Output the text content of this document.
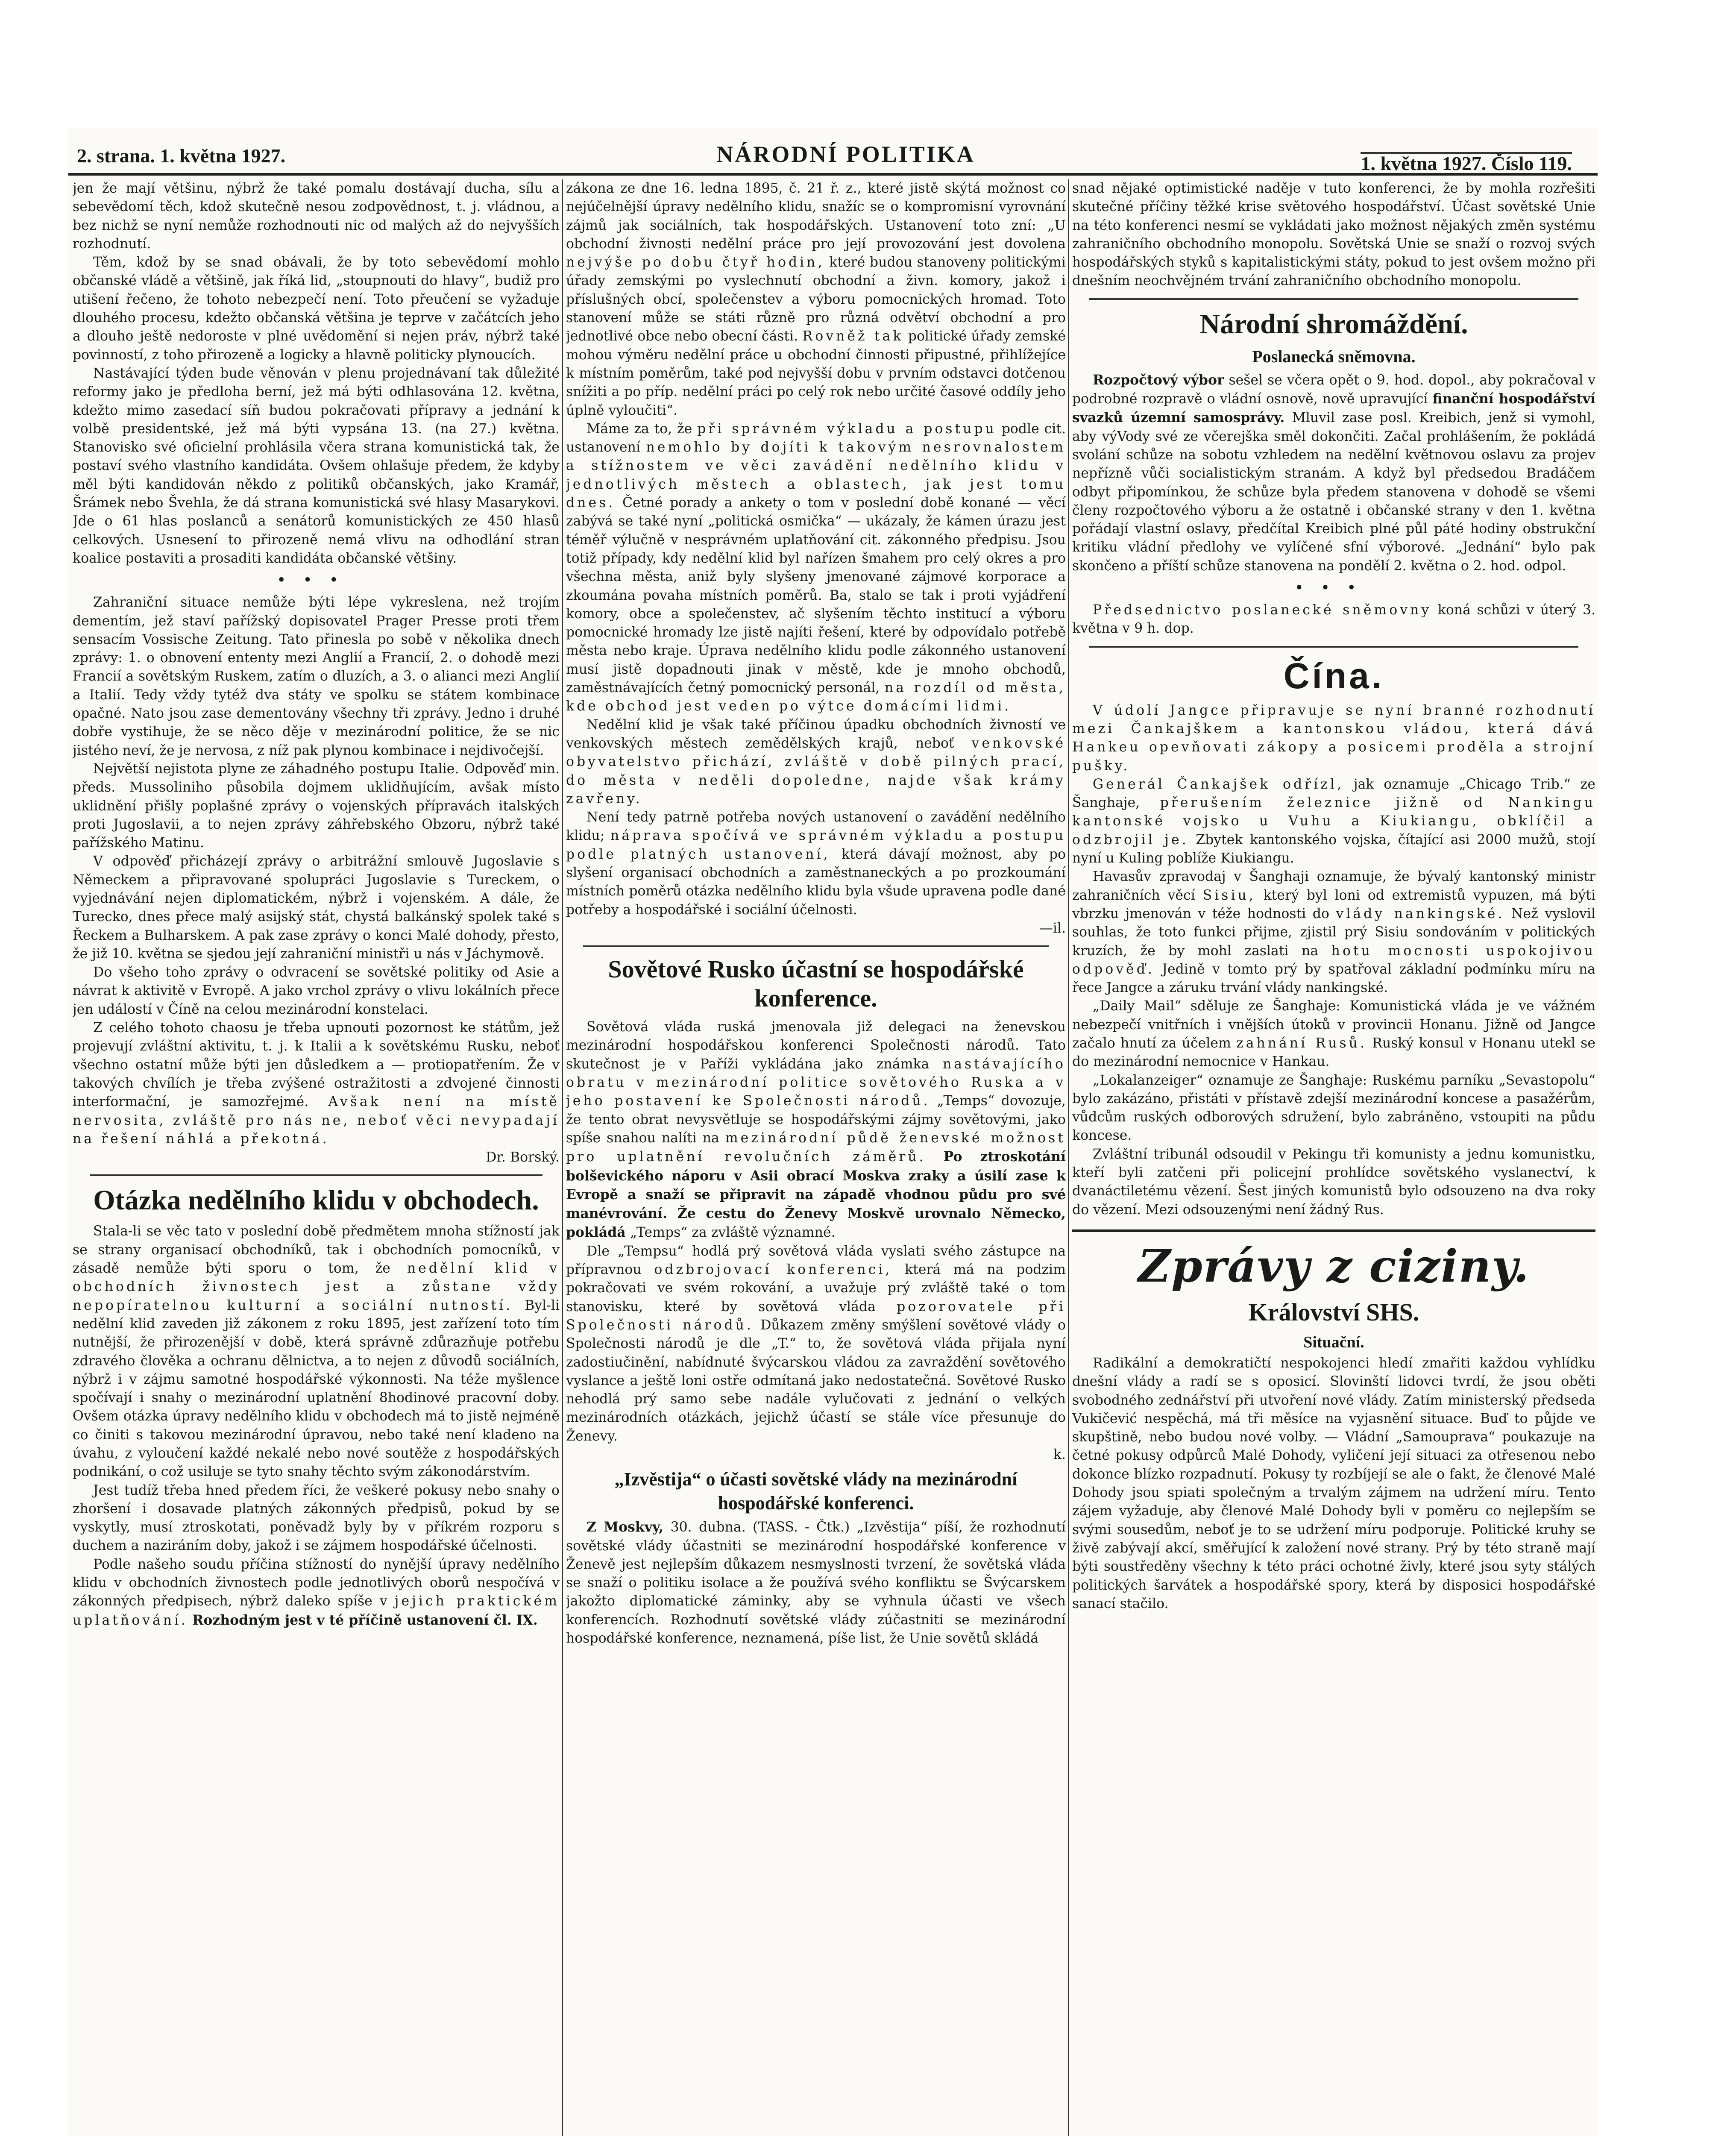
2. strana. 1. května 1927.	NÁRODNÍ POLITIKA	1. května 1927. Číslo 119.

jen že mají většinu, nýbrž že také pomalu dostávají ducha, sílu a sebevědomí těch, kdož skutečně nesou zodpovědnost, t. j. vládnou, a bez nichž se nyní nemůže rozhodnouti nic od malých až do nejvyšších rozhodnutí.

Těm, kdož by se snad obávali, že by toto sebevědomí mohlo občanské vládě a většině, jak říká lid, „stoupnouti do hlavy“, budiž pro utišení řečeno, že tohoto nebezpečí není. Toto přeučení se vyžaduje dlouhého procesu, kdežto občanská většina je teprve v začátcích jeho a dlouho ještě nedoroste v plné uvědomění si nejen práv, nýbrž také povinností, z toho přirozeně a logicky a hlavně politicky plynoucích.

Nastávající týden bude věnován v plenu projednávaní tak důležité reformy jako je předloha berní, jež má býti odhlasována 12. května, kdežto mimo zasedací síň budou pokračovati přípravy a jednání k volbě presidentské, jež má býti vypsána 13. (na 27.) května. Stanovisko své oficielní prohlásila včera strana komunistická tak, že postaví svého vlastního kandidáta. Ovšem ohlašuje předem, že kdyby měl býti kandidován někdo z politiků občanských, jako Kramář, Šrámek nebo Švehla, že dá strana komunistická své hlasy Masarykovi. Jde o 61 hlas poslanců a senátorů komunistických ze 450 hlasů celkových. Usnesení to přirozeně nemá vlivu na odhodlání stran koalice postaviti a prosaditi kandidáta občanské většiny.

•••

Zahraniční situace nemůže býti lépe vykreslena, než trojím dementím, jež staví pařížský dopisovatel Prager Presse proti třem sensacím Vossische Zeitung. Tato přinesla po sobě v několika dnech zprávy: 1. o obnovení ententy mezi Anglií a Francií, 2. o dohodě mezi Francií a sovětským Ruskem, zatím o dluzích, a 3. o alianci mezi Anglií a Italií. Tedy vždy tytéž dva státy ve spolku se státem kombinace opačné. Nato jsou zase dementovány všechny tři zprávy. Jedno i druhé dobře vystihuje, že se něco děje v mezinárodní politice, že se nic jistého neví, že je nervosa, z níž pak plynou kombinace i nejdivočejší.

Největší nejistota plyne ze záhadného postupu Italie. Odpověď min. předs. Mussoliniho působila dojmem uklidňujícím, avšak místo uklidnění přišly poplašné zprávy o vojenských přípravách italských proti Jugoslavii, a to nejen zprávy záhřebského Obzoru, nýbrž také pařížského Matinu.

V odpověď přicházejí zprávy o arbitrážní smlouvě Jugoslavie s Německem a připravované spolupráci Jugoslavie s Tureckem, o vyjednávání nejen diplomatickém, nýbrž i vojenském. A dále, že Turecko, dnes přece malý asijský stát, chystá balkánský spolek také s Řeckem a Bulharskem. A pak zase zprávy o konci Malé dohody, přesto, že již 10. května se sjedou její zahraniční ministři u nás v Jáchymově.

Do všeho toho zprávy o odvracení se sovětské politiky od Asie a návrat k aktivitě v Evropě. A jako vrchol zprávy o vlivu lokálních přece jen událostí v Číně na celou mezinárodní konstelaci.

Z celého tohoto chaosu je třeba upnouti pozornost ke státům, jež projevují zvláštní aktivitu, t. j. k Italii a k sovětskému Rusku, neboť všechno ostatní může býti jen důsledkem a — protiopatřením. Že v takových chvílích je třeba zvýšené ostražitosti a zdvojené činnosti interformační, je samozřejmé. Avšak není na místě nervosita, zvláště pro nás ne, neboť věci nevypadají na řešení náhlá a překotná.

Dr. Borský.
Otázka nedělního klidu v obchodech.

Stala-li se věc tato v poslední době předmětem mnoha stížností jak se strany organisací obchodníků, tak i obchodních pomocníků, v zásadě nemůže býti sporu o tom, že nedělní klid v obchodních živnostech jest a zůstane vždy nepopíratelnou kulturní a sociální nutností. Byl-li nedělní klid zaveden již zákonem z roku 1895, jest zařízení toto tím nutnější, že přirozenější v době, která správně zdůrazňuje potřebu zdravého člověka a ochranu dělnictva, a to nejen z důvodů sociálních, nýbrž i v zájmu samotné hospodářské výkonnosti. Na téže myšlence spočívají i snahy o mezinárodní uplatnění 8hodinové pracovní doby. Ovšem otázka úpravy nedělního klidu v obchodech má to jistě nejméně co činiti s takovou mezinárodní úpravou, nebo také není kladeno na úvahu, z vyloučení každé nekalé nebo nové soutěže z hospodářských podnikání, o což usiluje se tyto snahy těchto svým zákonodárstvím.

Jest tudíž třeba hned předem říci, že veškeré pokusy nebo snahy o zhoršení i dosavade platných zákonných předpisů, pokud by se vyskytly, musí ztroskotati, poněvadž byly by v příkrém rozporu s duchem a naziráním doby, jakož i se zájmem hospodářské účelnosti.

Podle našeho soudu příčina stížností do nynější úpravy nedělního klidu v obchodních živnostech podle jednotlivých oborů nespočívá v zákonných předpisech, nýbrž daleko spíše v jejich praktickém uplatňování. Rozhodným jest v té příčině ustanovení čl. IX.

zákona ze dne 16. ledna 1895, č. 21 ř. z., které jistě skýtá možnost co nejúčelnější úpravy nedělního klidu, snažíc se o kompromisní vyrovnání zájmů jak sociálních, tak hospodářských. Ustanovení toto zní: „U obchodní živnosti nedělní práce pro její provozování jest dovolena nejvýše po dobu čtyř hodin, které budou stanoveny politickými úřady zemskými po vyslechnutí obchodní a živn. komory, jakož i příslušných obcí, společenstev a výboru pomocnických hromad. Toto stanovení může se státi různě pro různá odvětví obchodní a pro jednotlivé obce nebo obecní části. Rovněž tak politické úřady zemské mohou výměru nedělní práce u obchodní činnosti připustné, přihlížejíce k místním poměrům, také pod nejvyšší dobu v prvním odstavci dotčenou snížiti a po příp. nedělní práci po celý rok nebo určité časové oddíly jeho úplně vyloučiti“.

Máme za to, že při správném výkladu a postupu podle cit. ustanovení nemohlo by dojíti k takovým nesrovnalostem a stížnostem ve věci zavádění nedělního klidu v jednotlivých městech a oblastech, jak jest tomu dnes. Četné porady a ankety o tom v poslední době konané — věcí zabývá se také nyní „politická osmička“ — ukázaly, že kámen úrazu jest téměř výlučně v nesprávném uplatňování cit. zákonného předpisu. Jsou totiž případy, kdy nedělní klid byl nařízen šmahem pro celý okres a pro všechna města, aniž byly slyšeny jmenované zájmové korporace a zkoumána povaha místních poměrů. Ba, stalo se tak i proti vyjádření komory, obce a společenstev, ač slyšením těchto institucí a výboru pomocnické hromady lze jistě najíti řešení, které by odpovídalo potřebě města nebo kraje. Úprava nedělního klidu podle zákonného ustanovení musí jistě dopadnouti jinak v městě, kde je mnoho obchodů, zaměstnávajících četný pomocnický personál, na rozdíl od města, kde obchod jest veden po výtce domácími lidmi.

Nedělní klid je však také příčinou úpadku obchodních živností ve venkovských městech zemědělských krajů, neboť venkovské obyvatelstvo přichází, zvláště v době pilných prací, do města v neděli dopoledne, najde však krámy zavřeny.

Není tedy patrně potřeba nových ustanovení o zavádění nedělního klidu; náprava spočívá ve správném výkladu a postupu podle platných ustanovení, která dávají možnost, aby po slyšení organisací obchodních a zaměstnaneckých a po prozkoumání místních poměrů otázka nedělního klidu byla všude upravena podle dané potřeby a hospodářské i sociální účelnosti.

—il.
Sovětové Rusko účastní se hospodářské konference.

Sovětová vláda ruská jmenovala již delegaci na ženevskou mezinárodní hospodářskou konferenci Společnosti národů. Tato skutečnost je v Paříži vykládána jako známka nastávajícího obratu v mezinárodní politice sovětového Ruska a v jeho postavení ke Společnosti národů. „Temps“ dovozuje, že tento obrat nevysvětluje se hospodářskými zájmy sovětovými, jako spíše snahou nalíti na mezinárodní půdě ženevské možnost pro uplatnění revolučních záměrů. Po ztroskotání bolševického náporu v Asii obrací Moskva zraky a úsilí zase k Evropě a snaží se připravit na západě vhodnou půdu pro své manévrování. Že cestu do Ženevy Moskvě urovnalo Německo, pokládá „Temps“ za zvláště významné.

Dle „Tempsu“ hodlá prý sovětová vláda vyslati svého zástupce na přípravnou odzbrojovací konferenci, která má na podzim pokračovati ve svém rokování, a uvažuje prý zvláště také o tom stanovisku, které by sovětová vláda pozorovatele při Společnosti národů. Důkazem změny smýšlení sovětové vlády o Společnosti národů je dle „T.“ to, že sovětová vláda přijala nyní zadostiučinění, nabídnuté švýcarskou vládou za zavraždění sovětového vyslance a ještě loni ostře odmítaná jako nedostatečná. Sovětové Rusko nehodlá prý samo sebe nadále vylučovati z jednání o velkých mezinárodních otázkách, jejichž účastí se stále více přesunuje do Ženevy.

k.
„Izvěstija“ o účasti sovětské vlády na mezinárodní hospodářské konferenci.

Z Moskvy, 30. dubna. (TASS. - Čtk.) „Izvěstija“ píší, že rozhodnutí sovětské vlády účastniti se mezinárodní hospodářské konference v Ženevě jest nejlepším důkazem nesmyslnosti tvrzení, že sovětská vláda se snaží o politiku isolace a že používá svého konfliktu se Švýcarskem jakožto diplomatické záminky, aby se vyhnula účasti ve všech konferencích. Rozhodnutí sovětské vlády zúčastniti se mezinárodní hospodářské konference, neznamená, píše list, že Unie sovětů skládá

snad nějaké optimistické naděje v tuto konferenci, že by mohla rozřešiti skutečné příčiny těžké krise světového hospodářství. Účast sovětské Unie na této konferenci nesmí se vykládati jako možnost nějakých změn systému zahraničního obchodního monopolu. Sovětská Unie se snaží o rozvoj svých hospodářských styků s kapitalistickými státy, pokud to jest ovšem možno při dnešním neochvějném trvání zahraničního obchodního monopolu.

Národní shromáždění.
Poslanecká sněmovna.

Rozpočtový výbor sešel se včera opět o 9. hod. dopol., aby pokračoval v podrobné rozpravě o vládní osnově, nově upravující finanční hospodářství svazků územní samosprávy. Mluvil zase posl. Kreibich, jenž si vymohl, aby výVody své ze včerejška směl dokončiti. Začal prohlášením, že pokládá svolání schůze na sobotu vzhledem na nedělní květnovou oslavu za projev nepřízně vůči socialistickým stranám. A když byl předsedou Bradáčem odbyt připomínkou, že schůze byla předem stanovena v dohodě se všemi členy rozpočtového výboru a že ostatně i občanské strany v den 1. května pořádají vlastní oslavy, předčítal Kreibich plné půl páté hodiny obstrukční kritiku vládní předlohy ve vylíčené sfní výborové. „Jednání“ bylo pak skončeno a příští schůze stanovena na pondělí 2. května o 2. hod. odpol.

•••

Předsednictvo poslanecké sněmovny koná schůzi v úterý 3. května v 9 h. dop.

Čína.

V údolí Jangce připravuje se nyní branné rozhodnutí mezi Čankajškem a kantonskou vládou, která dává Hankeu opevňovati zákopy a posicemi proděla a strojní pušky.

Generál Čankajšek odřízl, jak oznamuje „Chicago Trib.“ ze Šanghaje, přerušením železnice jižně od Nankingu kantonské vojsko u Vuhu a Kiukiangu, obklíčil a odzbrojil je. Zbytek kantonského vojska, čítající asi 2000 mužů, stojí nyní u Kuling poblíže Kiukiangu.

Havasův zpravodaj v Šanghaji oznamuje, že bývalý kantonský ministr zahraničních věcí Sisiu, který byl loni od extremistů vypuzen, má býti vbrzku jmenován v téže hodnosti do vlády nankingské. Než vyslovil souhlas, že toto funkci přijme, zjistil prý Sisiu sondováním v politických kruzích, že by mohl zaslati na hotu mocnosti uspokojivou odpověď. Jedině v tomto prý by spatřoval základní podmínku míru na řece Jangce a záruku trvání vlády nankingské.

„Daily Mail“ sděluje ze Šanghaje: Komunistická vláda je ve vážném nebezpečí vnitřních i vnějších útoků v provincii Honanu. Jižně od Jangce začalo hnutí za účelem zahnání Rusů. Ruský konsul v Honanu utekl se do mezinárodní nemocnice v Hankau.

„Lokalanzeiger“ oznamuje ze Šanghaje: Ruskému parníku „Sevastopolu“ bylo zakázáno, přistáti v přístavě zdejší mezinárodní koncese a pasažérům, vůdcům ruských odborových sdružení, bylo zabráněno, vstoupiti na půdu koncese.

Zvláštní tribunál odsoudil v Pekingu tři komunisty a jednu komunistku, kteří byli zatčeni při policejní prohlídce sovětského vyslanectví, k dvanáctiletému vězení. Šest jiných komunistů bylo odsouzeno na dva roky do vězení. Mezi odsouzenými není žádný Rus.

Zprávy z ciziny.
Království SHS.
Situační.

Radikální a demokratičtí nespokojenci hledí zmařiti každou vyhlídku dnešní vlády a radí se s oposicí. Slovinští lidovci tvrdí, že jsou oběti svobodného zednářství při utvoření nové vlády. Zatím ministerský předseda Vukičević nespěchá, má tři měsíce na vyjasnění situace. Buď to půjde ve skupštině, nebo budou nové volby. — Vládní „Samouprava“ poukazuje na četné pokusy odpůrců Malé Dohody, vyličení její situaci za otřesenou nebo dokonce blízko rozpadnutí. Pokusy ty rozbíjejí se ale o fakt, že členové Malé Dohody jsou spiati společným a trvalým zájmem na udržení míru. Tento zájem vyžaduje, aby členové Malé Dohody byli v poměru co nejlepším se svými sousedům, neboť je to se udržení míru podporuje. Politické kruhy se živě zabývají akcí, směřující k založení nové strany. Prý by této straně mají býti soustředěny všechny k této práci ochotné živly, které jsou syty stálých politických šarvátek a hospodářské spory, která by disposici hospodářské sanací stačilo.
